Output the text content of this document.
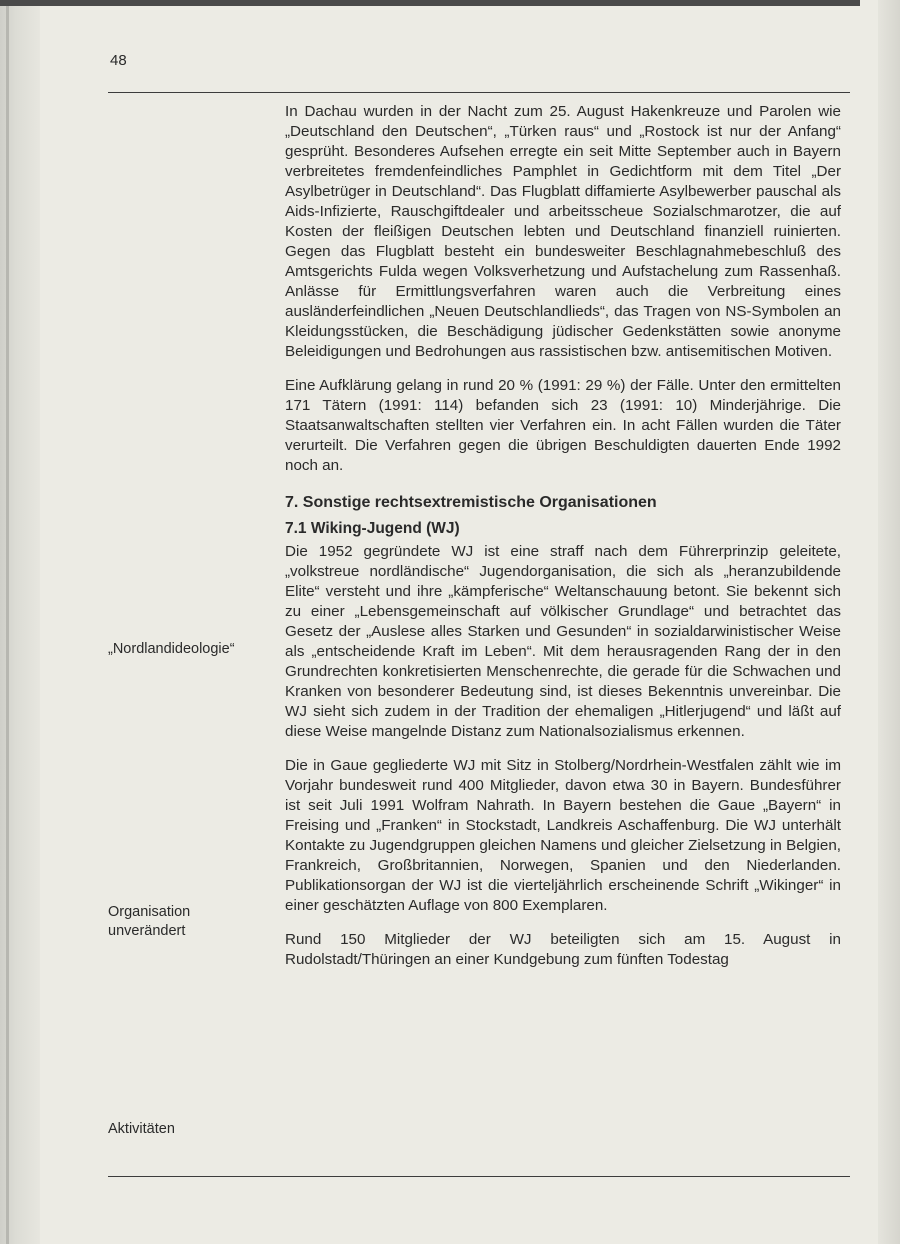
48
„Nordlandideologie“
Organisation
unverändert
Aktivitäten

In Dachau wurden in der Nacht zum 25. August Hakenkreuze und Parolen wie „Deutschland den Deutschen“, „Türken raus“ und „Rostock ist nur der Anfang“ gesprüht. Besonderes Aufsehen erregte ein seit Mitte September auch in Bayern verbreitetes fremdenfeindliches Pamphlet in Gedichtform mit dem Titel „Der Asylbetrüger in Deutschland“. Das Flugblatt diffamierte Asylbewerber pauschal als Aids-Infizierte, Rauschgiftdealer und arbeitsscheue Sozialschmarotzer, die auf Kosten der fleißigen Deutschen lebten und Deutschland finanziell ruinierten. Gegen das Flugblatt besteht ein bundesweiter Beschlagnahmebeschluß des Amtsgerichts Fulda wegen Volksverhetzung und Aufstachelung zum Rassenhaß. Anlässe für Ermittlungsverfahren waren auch die Verbreitung eines ausländerfeindlichen „Neuen Deutschlandlieds“, das Tragen von NS-Symbolen an Kleidungsstücken, die Beschädigung jüdischer Gedenkstätten sowie anonyme Beleidigungen und Bedrohungen aus rassistischen bzw. antisemitischen Motiven.

Eine Aufklärung gelang in rund 20 % (1991: 29 %) der Fälle. Unter den ermittelten 171 Tätern (1991: 114) befanden sich 23 (1991: 10) Minderjährige. Die Staatsanwaltschaften stellten vier Verfahren ein. In acht Fällen wurden die Täter verurteilt. Die Verfahren gegen die übrigen Beschuldigten dauerten Ende 1992 noch an.

7. Sonstige rechtsextremistische Organisationen
7.1 Wiking-Jugend (WJ)

Die 1952 gegründete WJ ist eine straff nach dem Führerprinzip geleitete, „volkstreue nordländische“ Jugendorganisation, die sich als „heranzubildende Elite“ versteht und ihre „kämpferische“ Weltanschauung betont. Sie bekennt sich zu einer „Lebensgemeinschaft auf völkischer Grundlage“ und betrachtet das Gesetz der „Auslese alles Starken und Gesunden“ in sozialdarwinistischer Weise als „entscheidende Kraft im Leben“. Mit dem herausragenden Rang der in den Grundrechten konkretisierten Menschenrechte, die gerade für die Schwachen und Kranken von besonderer Bedeutung sind, ist dieses Bekenntnis unvereinbar. Die WJ sieht sich zudem in der Tradition der ehemaligen „Hitlerjugend“ und läßt auf diese Weise mangelnde Distanz zum Nationalsozialismus erkennen.

Die in Gaue gegliederte WJ mit Sitz in Stolberg/Nordrhein-Westfalen zählt wie im Vorjahr bundesweit rund 400 Mitglieder, davon etwa 30 in Bayern. Bundesführer ist seit Juli 1991 Wolfram Nahrath. In Bayern bestehen die Gaue „Bayern“ in Freising und „Franken“ in Stockstadt, Landkreis Aschaffenburg. Die WJ unterhält Kontakte zu Jugendgruppen gleichen Namens und gleicher Zielsetzung in Belgien, Frankreich, Großbritannien, Norwegen, Spanien und den Niederlanden. Publikationsorgan der WJ ist die vierteljährlich erscheinende Schrift „Wikinger“ in einer geschätzten Auflage von 800 Exemplaren.

Rund 150 Mitglieder der WJ beteiligten sich am 15. August in Rudolstadt/Thüringen an einer Kundgebung zum fünften Todestag
